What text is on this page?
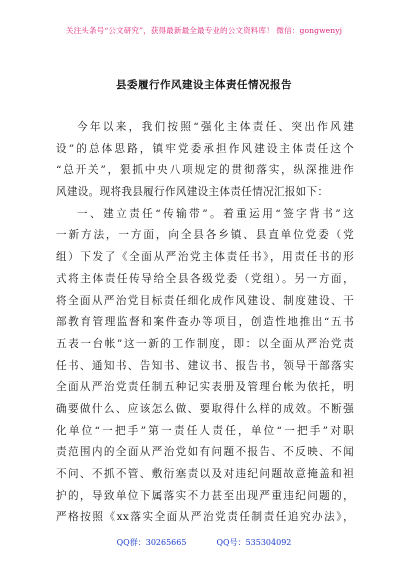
关注头条号“公文研究”，获得最新最全最专业的公文资料库！ 微信：gongwenyj
县委履行作风建设主体责任情况报告
今年以来，我们按照“强化主体责任、突出作风建
设”的总体思路，镇牢党委承担作风建设主体责任这个
“总开关”，狠抓中央八项规定的贯彻落实，纵深推进作
风建设。现将我县履行作风建设主体责任情况汇报如下：
一、建立责任“传输带”。着重运用“签字背书”这
一新方法，一方面，向全县各乡镇、县直单位党委（党
组）下发了《全面从严治党主体责任书》，用责任书的形
式将主体责任传导给全县各级党委（党组）。另一方面，
将全面从严治党目标责任细化成作风建设、制度建设、干
部教育管理监督和案件查办等项目，创造性地推出“五书
五表一台帐”这一新的工作制度，即：以全面从严治党责
任书、通知书、告知书、建议书、报告书，领导干部落实
全面从严治党责任制五种记实表册及管理台帐为依托，明
确要做什么、应该怎么做、要取得什么样的成效。不断强
化单位“一把手”第一责任人责任，单位“一把手”对职
责范围内的全面从严治党如有问题不报告、不反映、不闻
不问、不抓不管、敷衍塞责以及对违纪问题故意掩盖和袒
护的，导致单位下属落实不力甚至出现严重违纪问题的，
严格按照《xx落实全面从严治党责任制责任追究办法》，
QQ群：30265665	QQ号：535304092
